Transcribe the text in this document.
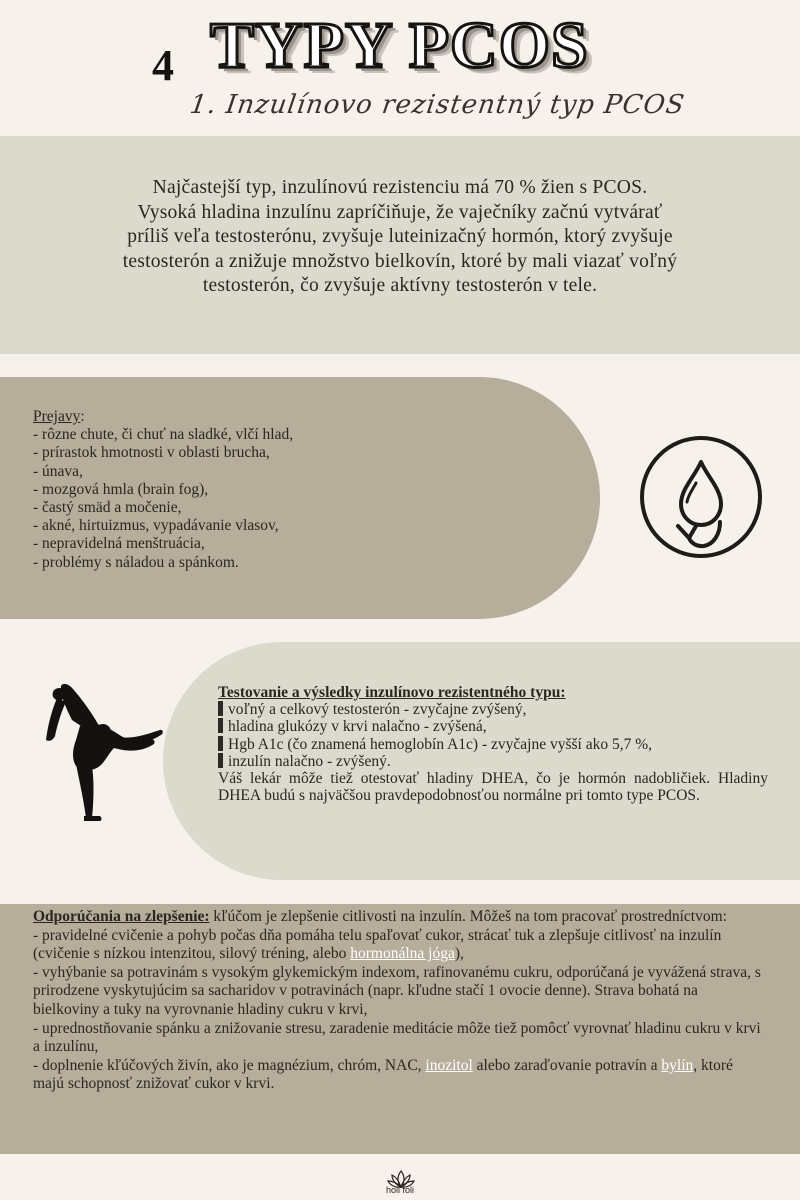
4 TYPY PCOS
1. Inzulínovo rezistentný typ PCOS
Najčastejší typ, inzulínovú rezistenciu má 70 % žien s PCOS.
Vysoká hladina inzulínu zapríčiňuje, že vaječníky začnú vytvárať
príliš veľa testosterónu, zvyšuje luteinizačný hormón, ktorý zvyšuje
testosterón a znižuje množstvo bielkovín, ktoré by mali viazať voľný
testosterón, čo zvyšuje aktívny testosterón v tele.
Prejavy:
- rôzne chute, či chuť na sladké, vlčí hlad,
- prírastok hmotnosti v oblasti brucha,
- únava,
- mozgová hmla (brain fog),
- častý smäd a močenie,
- akné, hirtuizmus, vypadávanie vlasov,
- nepravidelná menštruácia,
- problémy s náladou a spánkom.
Testovanie a výsledky inzulínovo rezistentného typu:
voľný a celkový testosterón - zvyčajne zvýšený,
hladina glukózy v krvi nalačno - zvýšená,
Hgb A1c (čo znamená hemoglobín A1c) - zvyčajne vyšší ako 5,7 %,
inzulín nalačno - zvýšený.
Váš lekár môže tiež otestovať hladiny DHEA, čo je hormón nadobličiek. Hladiny DHEA budú s najväčšou pravdepodobnosťou normálne pri tomto type PCOS.
Odporúčania na zlepšenie: kľúčom je zlepšenie citlivosti na inzulín. Môžeš na tom pracovať prostredníctvom:
- pravidelné cvičenie a pohyb počas dňa pomáha telu spaľovať cukor, strácať tuk a zlepšuje citlivosť na inzulín (cvičenie s nízkou intenzitou, silový tréning, alebo hormonálna jóga),
- vyhýbanie sa potravinám s vysokým glykemickým indexom, rafinovanému cukru, odporúčaná je vyvážená strava, s prirodzene vyskytujúcim sa sacharidov v potravinách (napr. kľudne stačí 1 ovocie denne). Strava bohatá na bielkoviny a tuky na vyrovnanie hladiny cukru v krvi,
- uprednostňovanie spánku a znižovanie stresu, zaradenie meditácie môže tiež pomôcť vyrovnať hladinu cukru v krvi a inzulínu,
- doplnenie kľúčových živín, ako je magnézium, chróm, NAC, inozitol alebo zaraďovanie potravín a bylín, ktoré majú schopnosť znižovať cukor v krvi.
holi foli
